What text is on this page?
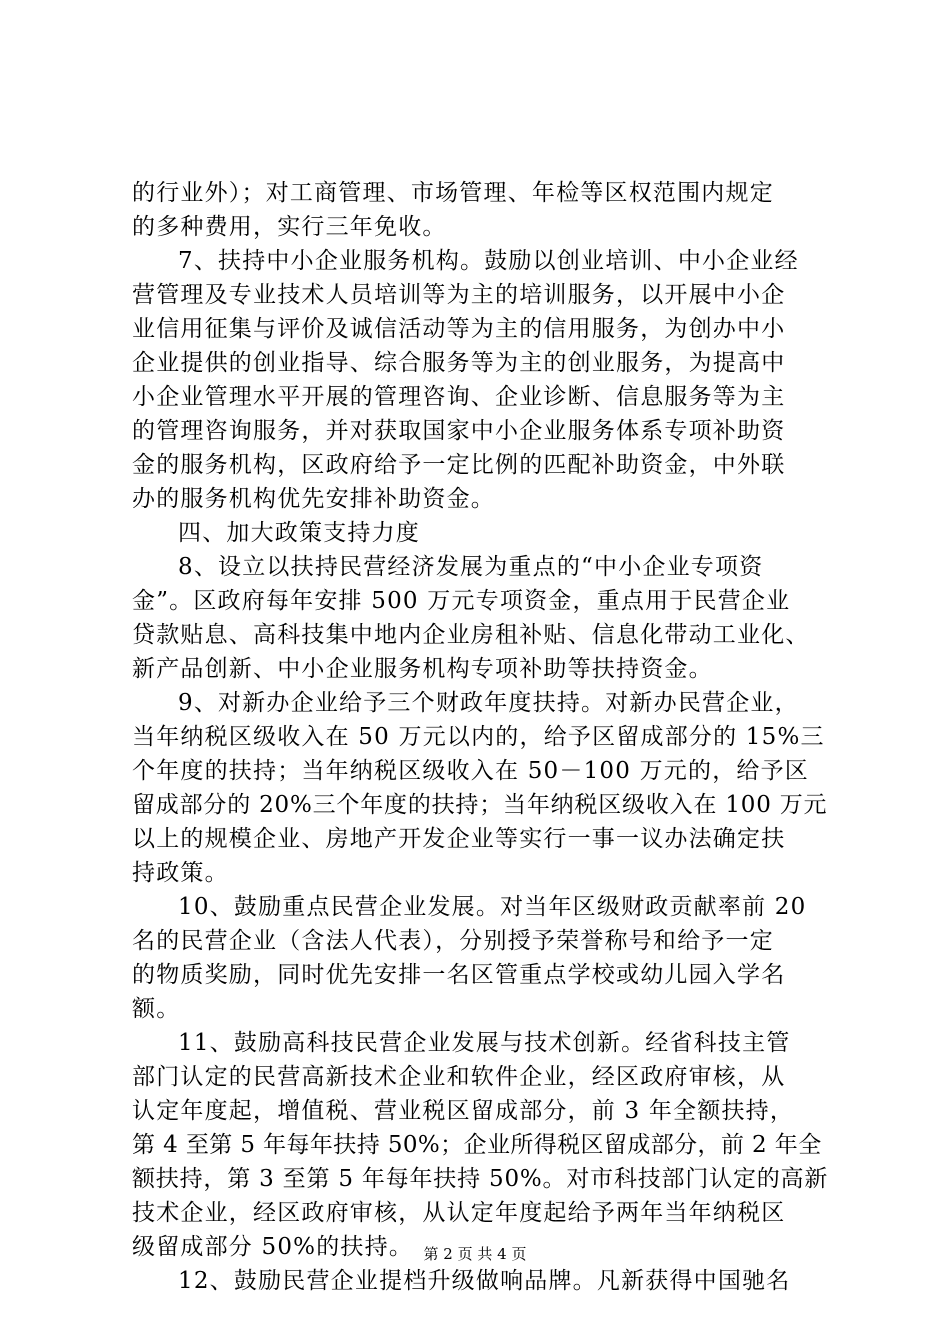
的行业外）；对工商管理、市场管理、年检等区权范围内规定
的多种费用，实行三年免收。
7、扶持中小企业服务机构。鼓励以创业培训、中小企业经
营管理及专业技术人员培训等为主的培训服务，以开展中小企
业信用征集与评价及诚信活动等为主的信用服务，为创办中小
企业提供的创业指导、综合服务等为主的创业服务，为提高中
小企业管理水平开展的管理咨询、企业诊断、信息服务等为主
的管理咨询服务，并对获取国家中小企业服务体系专项补助资
金的服务机构，区政府给予一定比例的匹配补助资金，中外联
办的服务机构优先安排补助资金。
四、加大政策支持力度
8、设立以扶持民营经济发展为重点的“中小企业专项资
金”。区政府每年安排 500 万元专项资金，重点用于民营企业
贷款贴息、高科技集中地内企业房租补贴、信息化带动工业化、
新产品创新、中小企业服务机构专项补助等扶持资金。
9、对新办企业给予三个财政年度扶持。对新办民营企业，
当年纳税区级收入在 50 万元以内的，给予区留成部分的 15%三
个年度的扶持；当年纳税区级收入在 50－100 万元的，给予区
留成部分的 20%三个年度的扶持；当年纳税区级收入在 100 万元
以上的规模企业、房地产开发企业等实行一事一议办法确定扶
持政策。
10、鼓励重点民营企业发展。对当年区级财政贡献率前 20
名的民营企业（含法人代表），分别授予荣誉称号和给予一定
的物质奖励，同时优先安排一名区管重点学校或幼儿园入学名
额。
11、鼓励高科技民营企业发展与技术创新。经省科技主管
部门认定的民营高新技术企业和软件企业，经区政府审核，从
认定年度起，增值税、营业税区留成部分，前 3 年全额扶持，
第 4 至第 5 年每年扶持 50%；企业所得税区留成部分，前 2 年全
额扶持，第 3 至第 5 年每年扶持 50%。对市科技部门认定的高新
技术企业，经区政府审核，从认定年度起给予两年当年纳税区
级留成部分 50%的扶持。
12、鼓励民营企业提档升级做响品牌。凡新获得中国驰名
第 2 页 共 4 页
